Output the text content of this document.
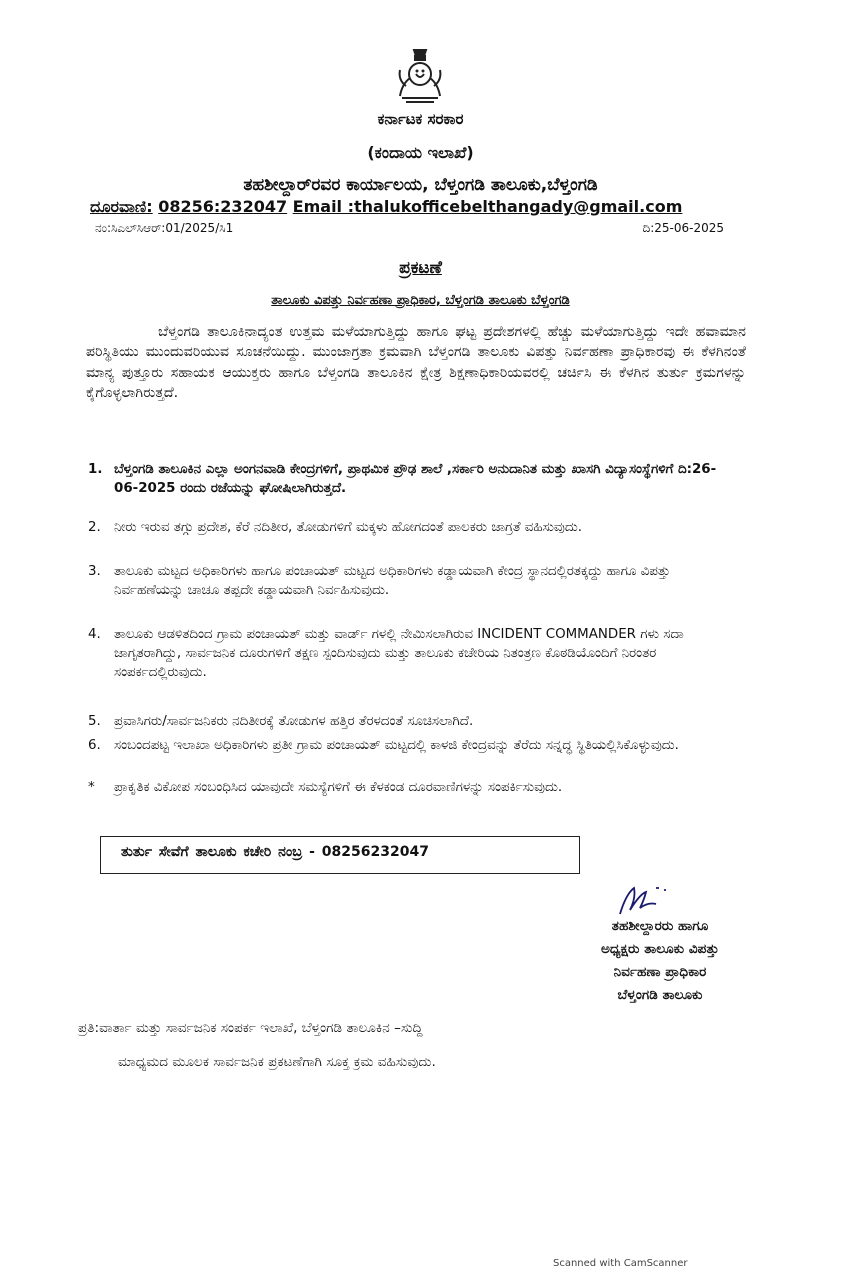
ಕರ್ನಾಟಕ ಸರಕಾರ
(ಕಂದಾಯ ಇಲಾಖೆ)
ತಹಶೀಲ್ದಾರ್‌ರವರ ಕಾರ್ಯಾಲಯ, ಬೆಳ್ತಂಗಡಿ ತಾಲೂಕು,ಬೆಳ್ತಂಗಡಿ
ದೂರವಾಣಿ: 08256:232047 Email :thalukofficebelthangady@gmail.com
ನಂ:ಸಿಎಲ್‌ಸಿಆರ್:01/2025/ಸಿ1	ದಿ:25-06-2025
ಪ್ರಕಟಣೆ
ತಾಲೂಕು ವಿಪತ್ತು ನಿರ್ವಹಣಾ ಪ್ರಾಧಿಕಾರ, ಬೆಳ್ತಂಗಡಿ ತಾಲೂಕು ಬೆಳ್ತಂಗಡಿ
ಬೆಳ್ತಂಗಡಿ ತಾಲೂಕಿನಾದ್ಯಂತ ಉತ್ತಮ ಮಳೆಯಾಗುತ್ತಿದ್ದು ಹಾಗೂ ಘಟ್ಟ ಪ್ರದೇಶಗಳಲ್ಲಿ ಹೆಚ್ಚು ಮಳೆಯಾಗುತ್ತಿದ್ದು ಇದೇ ಹವಾಮಾನ ಪರಿಸ್ಥಿತಿಯು ಮುಂದುವರಿಯುವ ಸೂಚನೆಯಿದ್ದು. ಮುಂಜಾಗ್ರತಾ ಕ್ರಮವಾಗಿ ಬೆಳ್ತಂಗಡಿ ತಾಲೂಕು ವಿಪತ್ತು ನಿರ್ವಹಣಾ ಪ್ರಾಧಿಕಾರವು ಈ ಕೆಳಗಿನಂತೆ ಮಾನ್ಯ ಪುತ್ತೂರು ಸಹಾಯಕ ಆಯುಕ್ತರು ಹಾಗೂ ಬೆಳ್ತಂಗಡಿ ತಾಲೂಕಿನ ಕ್ಷೇತ್ರ ಶಿಕ್ಷಣಾಧಿಕಾರಿಯವರಲ್ಲಿ ಚರ್ಚಿಸಿ ಈ ಕೆಳಗಿನ ತುರ್ತು ಕ್ರಮಗಳನ್ನು ಕೈಗೊಳ್ಳಲಾಗಿರುತ್ತದೆ.
1. ಬೆಳ್ತಂಗಡಿ ತಾಲೂಕಿನ ಎಲ್ಲಾ ಅಂಗನವಾಡಿ ಕೇಂದ್ರಗಳಿಗೆ, ಪ್ರಾಥಮಿಕ ಪ್ರೌಢ ಶಾಲೆ ,ಸರ್ಕಾರಿ ಅನುದಾನಿತ ಮತ್ತು ಖಾಸಗಿ ವಿದ್ಯಾಸಂಸ್ಥೆಗಳಿಗೆ ದಿ:26-06-2025 ರಂದು ರಜೆಯನ್ನು ಘೋಷಿಲಾಗಿರುತ್ತದೆ.
2. ನೀರು ಇರುವ ತಗ್ಗು ಪ್ರದೇಶ, ಕೆರೆ ನದಿತೀರ, ತೋಡುಗಳಿಗೆ ಮಕ್ಕಳು ಹೋಗದಂತೆ ಪಾಲಕರು ಜಾಗ್ರತೆ ವಹಿಸುವುದು.
3. ತಾಲೂಕು ಮಟ್ಟದ ಅಧಿಕಾರಿಗಳು ಹಾಗೂ ಪಂಚಾಯತ್ ಮಟ್ಟದ ಅಧಿಕಾರಿಗಳು ಕಡ್ಡಾಯವಾಗಿ ಕೇಂದ್ರ ಸ್ಥಾನದಲ್ಲಿರತಕ್ಕದ್ದು ಹಾಗೂ ವಿಪತ್ತು ನಿರ್ವಹಣೆಯನ್ನು ಚಾಚೂ ತಪ್ಪದೇ ಕಡ್ಡಾಯವಾಗಿ ನಿರ್ವಹಿಸುವುದು.
4. ತಾಲೂಕು ಆಡಳಿತದಿಂದ ಗ್ರಾಮ ಪಂಚಾಯತ್ ಮತ್ತು ವಾರ್ಡ್ ಗಳಲ್ಲಿ ನೇಮಿಸಲಾಗಿರುವ INCIDENT COMMANDER ಗಳು ಸದಾ ಜಾಗೃತರಾಗಿದ್ದು, ಸಾರ್ವಜನಿಕ ದೂರುಗಳಿಗೆ ತಕ್ಷಣ ಸ್ಪಂದಿಸುವುದು ಮತ್ತು ತಾಲೂಕು ಕಚೇರಿಯ ನಿತಂತ್ರಣ ಕೊಠಡಿಯೊಂದಿಗೆ ನಿರಂತರ ಸಂಪರ್ಕದಲ್ಲಿರುವುದು.
5. ಪ್ರವಾಸಿಗರು/ಸಾರ್ವಜನಿಕರು ನದಿತೀರಕ್ಕೆ ತೋಡುಗಳ ಹತ್ತಿರ ತೆರಳದಂತೆ ಸೂಚಿಸಲಾಗಿದೆ.
6. ಸಂಬಂದಪಟ್ಟ ಇಲಾಖಾ ಅಧಿಕಾರಿಗಳು ಪ್ರತೀ ಗ್ರಾಮ ಪಂಚಾಯತ್ ಮಟ್ಟದಲ್ಲಿ ಕಾಳಜಿ ಕೇಂದ್ರವನ್ನು ತೆರೆದು ಸನ್ನದ್ಧ ಸ್ಥಿತಿಯಲ್ಲಿಸಿಕೊಳ್ಳುವುದು.
* ಪ್ರಾಕೃತಿಕ ವಿಕೋಪ ಸಂಬಂಧಿಸಿದ ಯಾವುದೇ ಸಮಸ್ಯೆಗಳಿಗೆ ಈ ಕೆಳಕಂಡ ದೂರವಾಣಿಗಳನ್ನು ಸಂಪರ್ಕಿಸುವುದು.
ತುರ್ತು ಸೇವೆಗೆ ತಾಲೂಕು ಕಚೇರಿ ನಂಬ್ರ - 08256232047
ತಹಶೀಲ್ದಾರರು ಹಾಗೂ
ಅಧ್ಯಕ್ಷರು ತಾಲೂಕು ವಿಪತ್ತು
ನಿರ್ವಹಣಾ ಪ್ರಾಧಿಕಾರ
ಬೆಳ್ತಂಗಡಿ ತಾಲೂಕು
ಪ್ರತಿ:ವಾರ್ತಾ ಮತ್ತು ಸಾರ್ವಜನಿಕ ಸಂಪರ್ಕ ಇಲಾಖೆ, ಬೆಳ್ತಂಗಡಿ ತಾಲೂಕಿನ –ಸುದ್ದಿ
ಮಾಧ್ಯಮದ ಮೂಲಕ ಸಾರ್ವಜನಿಕ ಪ್ರಕಟಣೆಗಾಗಿ ಸೂಕ್ತ ಕ್ರಮ ವಹಿಸುವುದು.
Scanned with CamScanner
